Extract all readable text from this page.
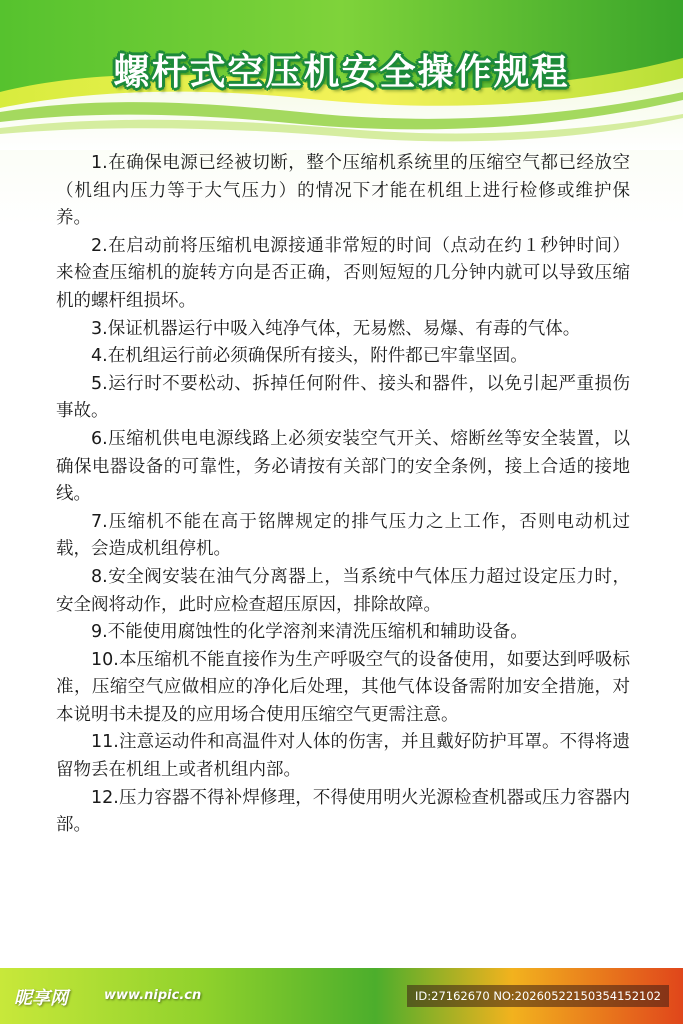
螺杆式空压机安全操作规程

1.在确保电源已经被切断，整个压缩机系统里的压缩空气都已经放空（机组内压力等于大气压力）的情况下才能在机组上进行检修或维护保养。

2.在启动前将压缩机电源接通非常短的时间（点动在约１秒钟时间）来检查压缩机的旋转方向是否正确，否则短短的几分钟内就可以导致压缩机的螺杆组损坏。

3.保证机器运行中吸入纯净气体，无易燃、易爆、有毒的气体。

4.在机组运行前必须确保所有接头，附件都已牢靠坚固。

5.运行时不要松动、拆掉任何附件、接头和器件，以免引起严重损伤事故。

6.压缩机供电电源线路上必须安装空气开关、熔断丝等安全装置，以确保电器设备的可靠性，务必请按有关部门的安全条例，接上合适的接地线。

7.压缩机不能在高于铭牌规定的排气压力之上工作，否则电动机过载，会造成机组停机。

8.安全阀安装在油气分离器上，当系统中气体压力超过设定压力时，安全阀将动作，此时应检查超压原因，排除故障。

9.不能使用腐蚀性的化学溶剂来清洗压缩机和辅助设备。

10.本压缩机不能直接作为生产呼吸空气的设备使用，如要达到呼吸标准，压缩空气应做相应的净化后处理，其他气体设备需附加安全措施，对本说明书未提及的应用场合使用压缩空气更需注意。

11.注意运动件和高温件对人体的伤害，并且戴好防护耳罩。不得将遗留物丢在机组上或者机组内部。

12.压力容器不得补焊修理，不得使用明火光源检查机器或压力容器内部。

昵享网	www.nipic.cn	ID:27162670 NO:20260522150354152102
